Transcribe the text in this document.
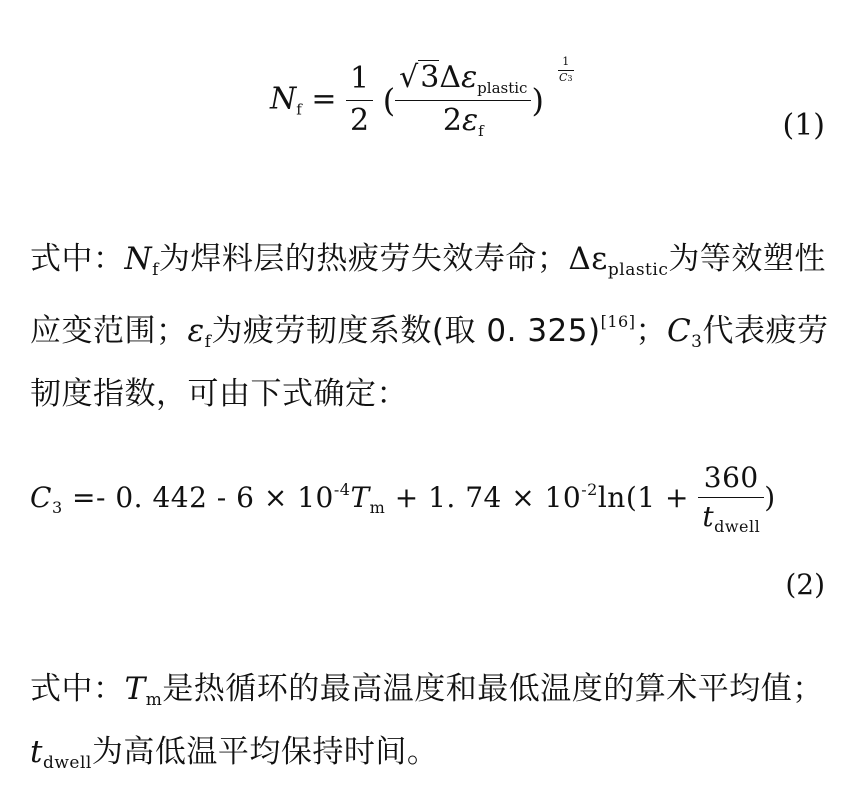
$N_f = \frac{1}{2}$ ( $\frac{√3\Delta\varepsilon_{plastic}}{2\varepsilon_f}$ )
$\frac{1}{C3}$
(1)
式中：$N_f$为焊料层的热疲劳失效寿命；$\Delta\varepsilon_{plastic}$为等效塑性应变范围；$\varepsilon_f$为疲劳韧度系数(取 0. 325)[16]；$C_3$代表疲劳韧度指数，可由下式确定：
$C_3 =- 0$. $442 - 6 \times 10^{-4}T_m + 1$. $74 \times 10^{-2}\ln(1 + \frac{360}{t_{dwell}}$ )
(2)
式中：$T_m$是热循环的最高温度和最低温度的算术平均值；$t_{dwell}$为高低温平均保持时间。
